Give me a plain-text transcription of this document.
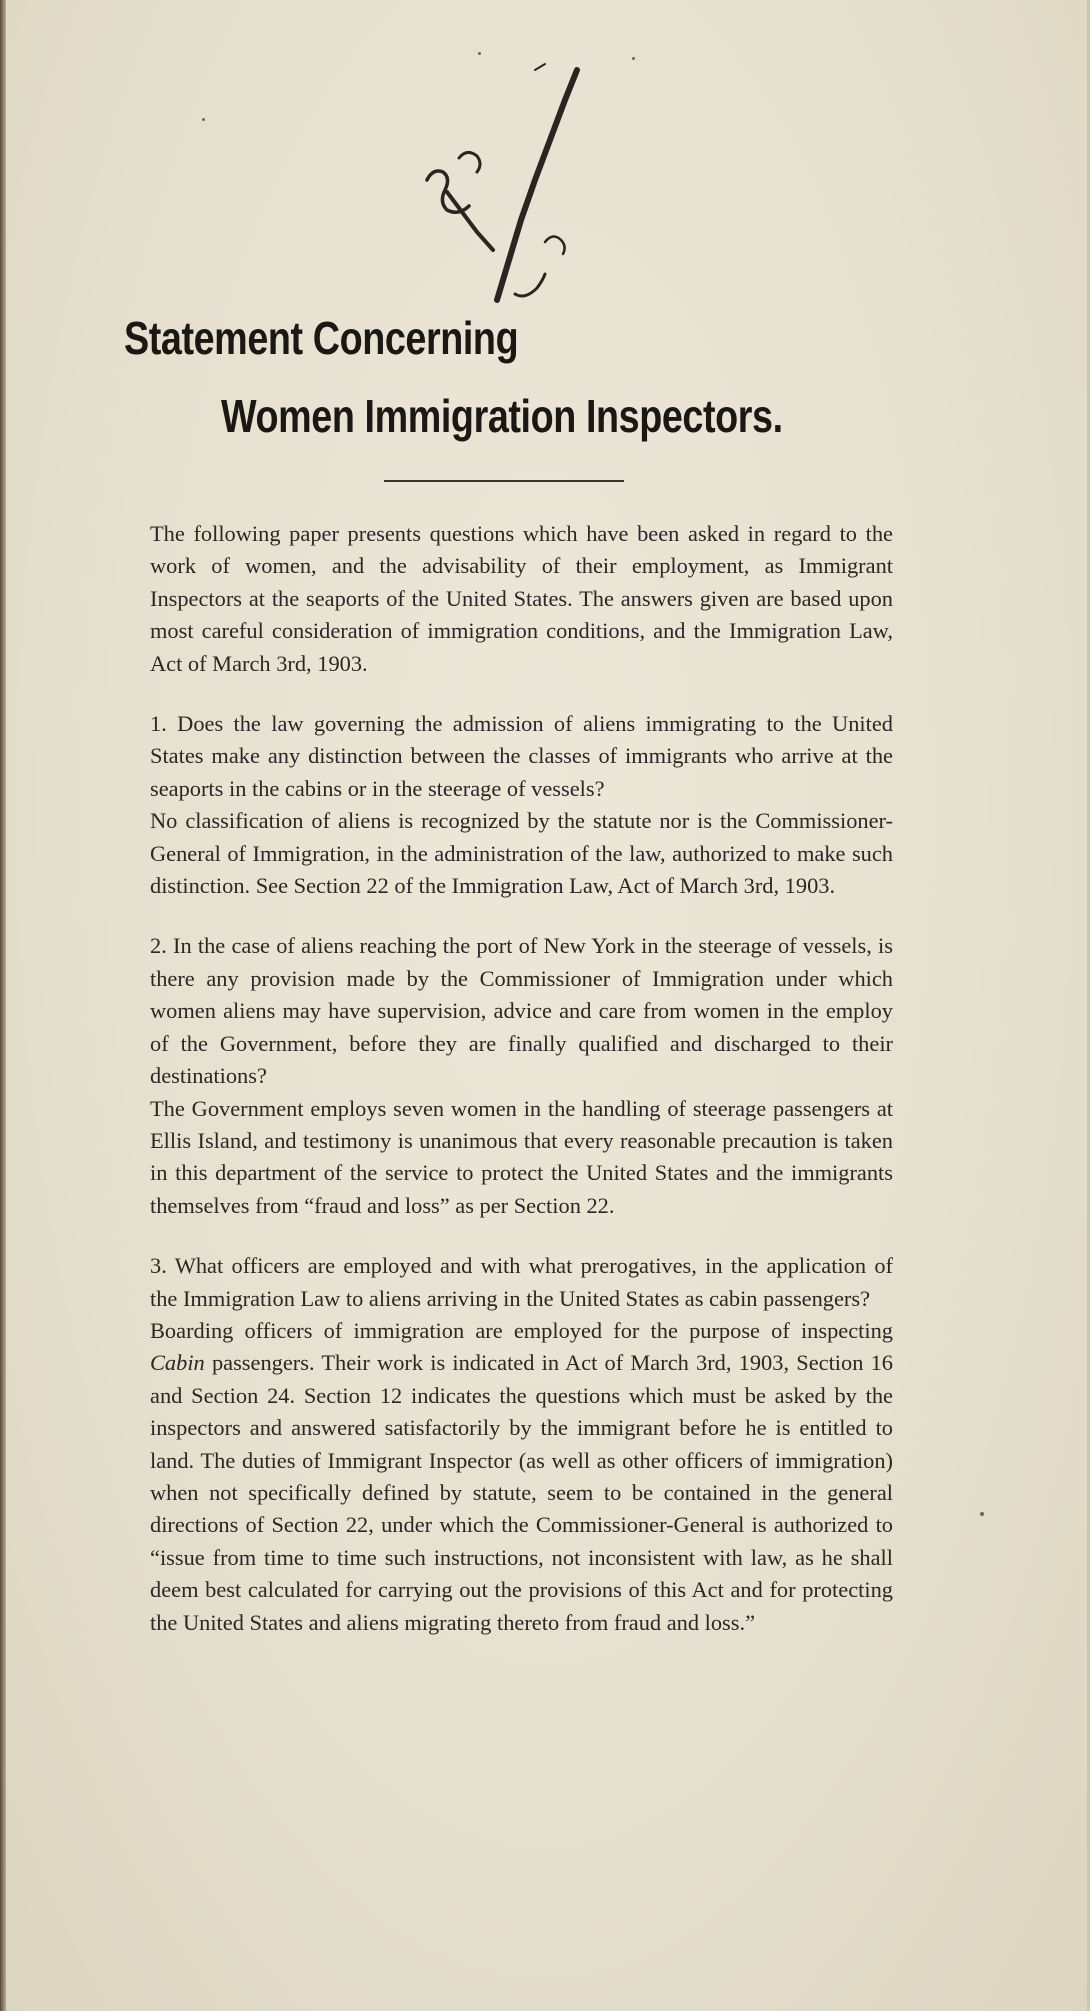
Statement Concerning
Women Immigration Inspectors.

The following paper presents questions which have been asked in regard to the work of women, and the advisability of their employment, as Immigrant Inspectors at the seaports of the United States. The answers given are based upon most careful consideration of immigration conditions, and the Immigration Law, Act of March 3rd, 1903.

1. Does the law governing the admission of aliens immigrating to the United States make any distinction between the classes of immigrants who arrive at the seaports in the cabins or in the steerage of vessels?

No classification of aliens is recognized by the statute nor is the Commissioner-General of Immigration, in the administration of the law, authorized to make such distinction. See Section 22 of the Immigration Law, Act of March 3rd, 1903.

2. In the case of aliens reaching the port of New York in the steerage of vessels, is there any provision made by the Commissioner of Immigration under which women aliens may have supervision, advice and care from women in the employ of the Government, before they are finally qualified and discharged to their destinations?

The Government employs seven women in the handling of steerage passengers at Ellis Island, and testimony is unanimous that every reasonable precaution is taken in this department of the service to protect the United States and the immigrants themselves from “fraud and loss” as per Section 22.

3. What officers are employed and with what prerogatives, in the application of the Immigration Law to aliens arriving in the United States as cabin passengers?

Boarding officers of immigration are employed for the purpose of inspecting Cabin passengers. Their work is indicated in Act of March 3rd, 1903, Section 16 and Section 24. Section 12 indicates the questions which must be asked by the inspectors and answered satisfactorily by the immigrant before he is entitled to land. The duties of Immigrant Inspector (as well as other officers of immigration) when not specifically defined by statute, seem to be contained in the general directions of Section 22, under which the Commissioner-General is authorized to “issue from time to time such instructions, not inconsistent with law, as he shall deem best calculated for carrying out the provisions of this Act and for protecting the United States and aliens migrating thereto from fraud and loss.”
